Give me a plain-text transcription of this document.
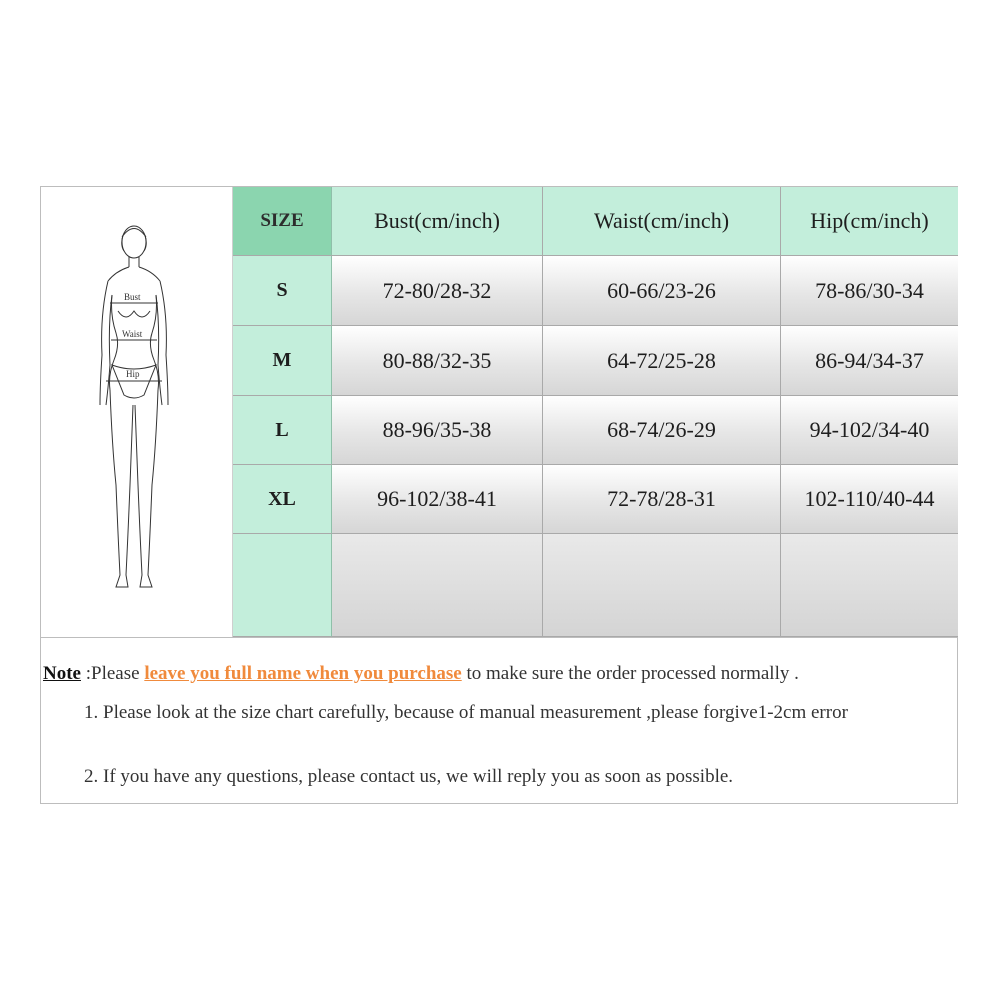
Bust
Waist
Hip
SIZE	Bust(cm/inch)	Waist(cm/inch)	Hip(cm/inch)
S	72-80/28-32	60-66/23-26	78-86/30-34
M	80-88/32-35	64-72/25-28	86-94/34-37
L	88-96/35-38	68-74/26-29	94-102/34-40
XL	96-102/38-41	72-78/28-31	102-110/40-44
Note :Please leave you full name when you purchase to make sure the order processed normally .
1. Please look at the size chart carefully, because of manual measurement ,please forgive1-2cm error
2. If you have any questions, please contact us, we will reply you as soon as possible.
